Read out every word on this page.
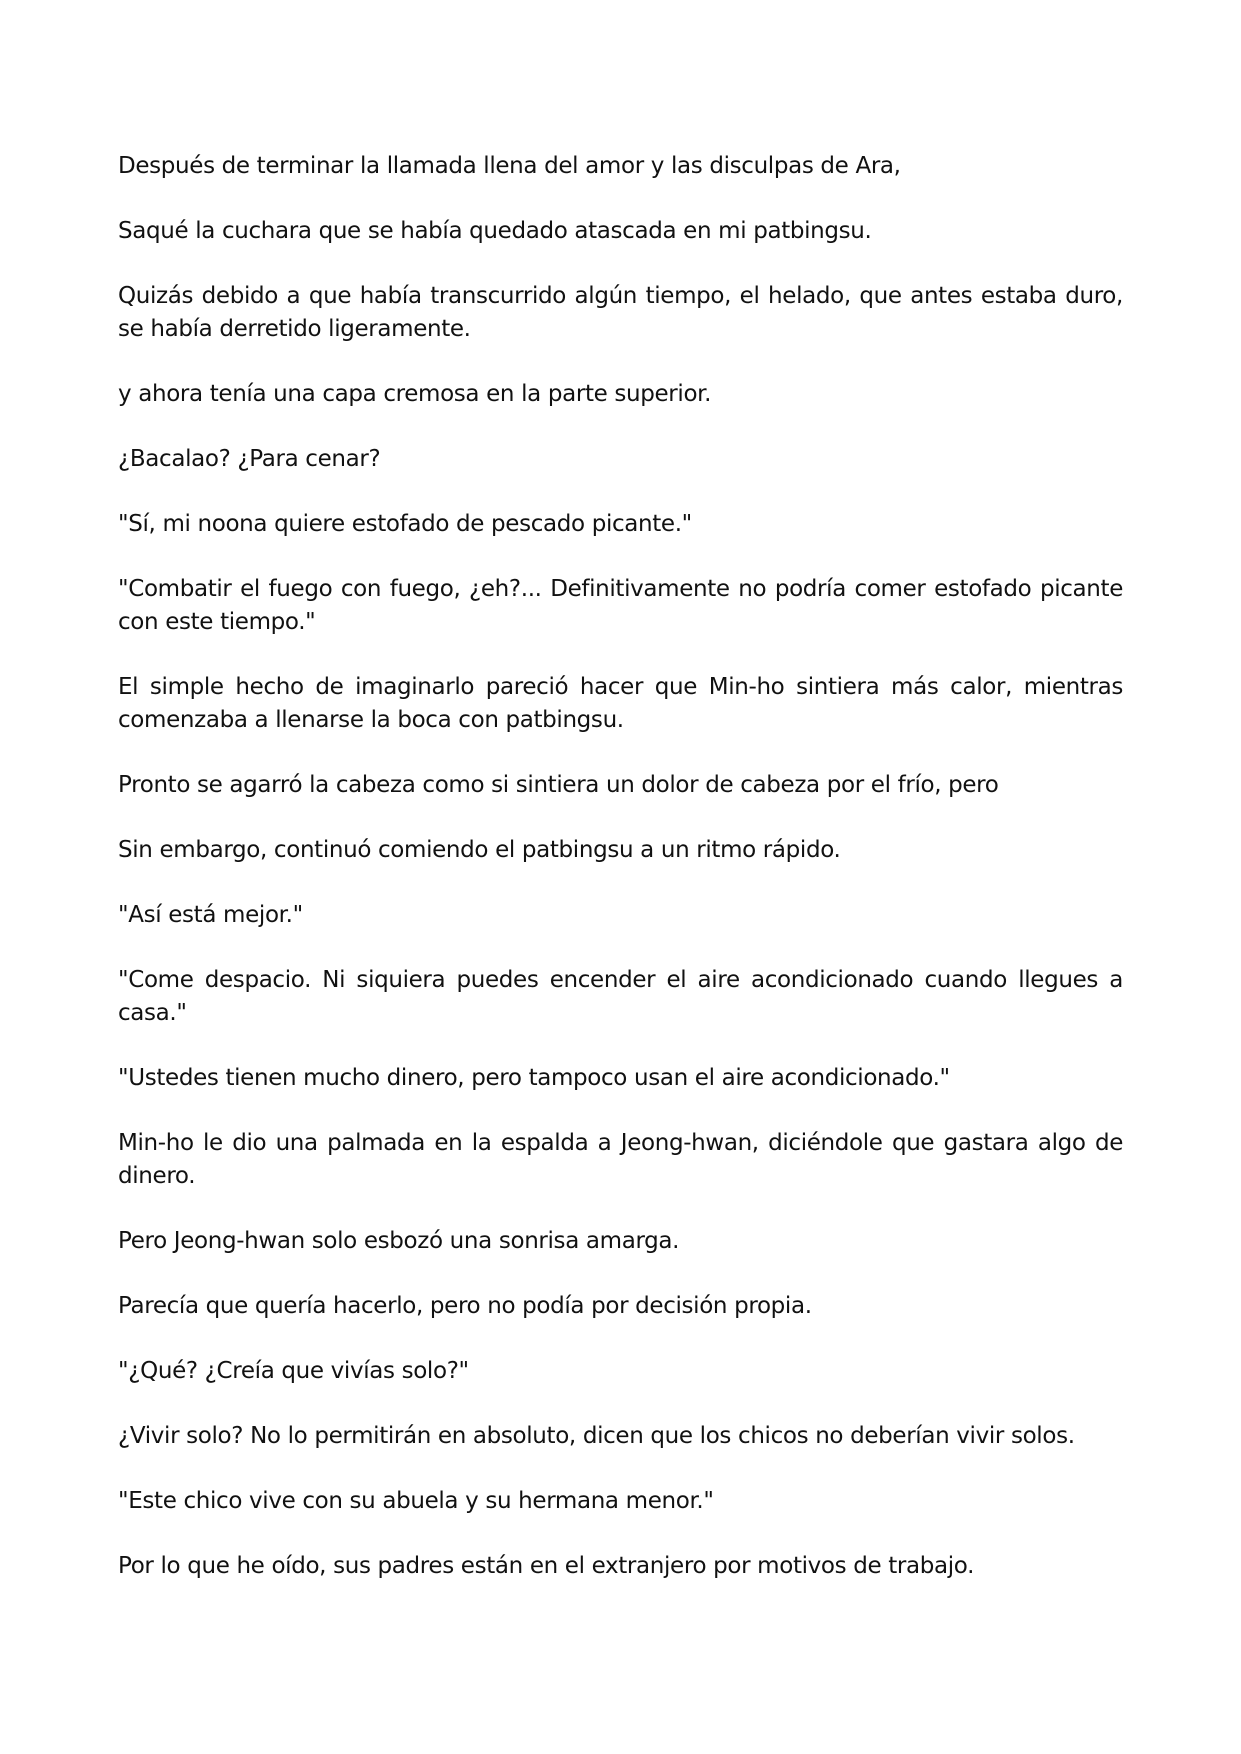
Después de terminar la llamada llena del amor y las disculpas de Ara,

Saqué la cuchara que se había quedado atascada en mi patbingsu.

Quizás debido a que había transcurrido algún tiempo, el helado, que antes estaba duro, se había derretido ligeramente.

y ahora tenía una capa cremosa en la parte superior.

¿Bacalao? ¿Para cenar?

"Sí, mi noona quiere estofado de pescado picante."

"Combatir el fuego con fuego, ¿eh?... Definitivamente no podría comer estofado picante con este tiempo."

El simple hecho de imaginarlo pareció hacer que Min-ho sintiera más calor, mientras comenzaba a llenarse la boca con patbingsu.

Pronto se agarró la cabeza como si sintiera un dolor de cabeza por el frío, pero

Sin embargo, continuó comiendo el patbingsu a un ritmo rápido.

"Así está mejor."

"Come despacio. Ni siquiera puedes encender el aire acondicionado cuando llegues a casa."

"Ustedes tienen mucho dinero, pero tampoco usan el aire acondicionado."

Min-ho le dio una palmada en la espalda a Jeong-hwan, diciéndole que gastara algo de dinero.

Pero Jeong-hwan solo esbozó una sonrisa amarga.

Parecía que quería hacerlo, pero no podía por decisión propia.

"¿Qué? ¿Creía que vivías solo?"

¿Vivir solo? No lo permitirán en absoluto, dicen que los chicos no deberían vivir solos.

"Este chico vive con su abuela y su hermana menor."

Por lo que he oído, sus padres están en el extranjero por motivos de trabajo.
